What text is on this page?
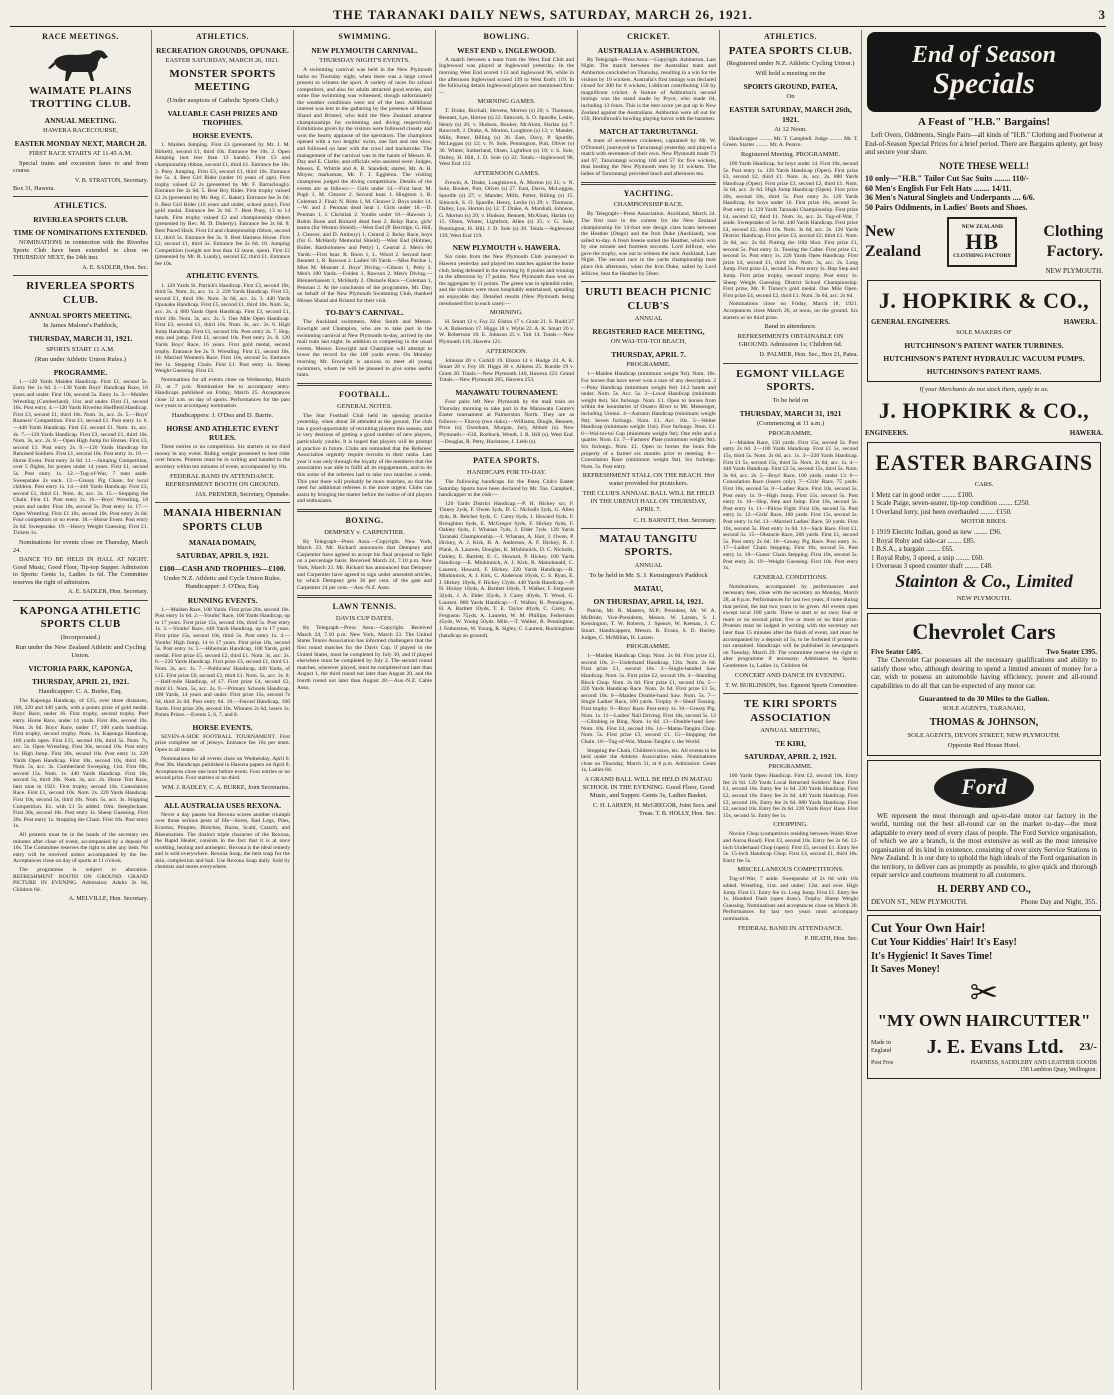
THE TARANAKI DAILY NEWS, SATURDAY, MARCH 26, 1921.	3
RACE MEETINGS.
WAIMATE PLAINS TROTTING CLUB.
ANNUAL MEETING.
HAWERA RACECOURSE,
EASTER MONDAY NEXT, MARCH 28.
FIRST RACE STARTS AT 11.45 A.M.
Special trains and excursion fares to and from course.
V. B. STRATTON, Secretary.
Box 31, Hawera.
ATHLETICS.
RIVERLEA SPORTS CLUB.
TIME OF NOMINATIONS EXTENDED.
NOMINATIONS in connection with the Riverlea Sports Club have been extended to close on THURSDAY NEXT, the 24th inst.
A. E. SADLER, Hon. Sec.
RIVERLEA SPORTS CLUB.
ANNUAL SPORTS MEETING.
In James Malone's Paddock,
THURSDAY, MARCH 31, 1921.
SPORTS START 11 A.M.
(Run under Athletic Union Rules.)
PROGRAMME.
1.—120 Yards Maiden Handicap. First £1, second 5s. Entry fee 1s 6d. 2.—130 Yards Boys' Handicap Race, 16 years and under. First 10s, second 5s. Entry 1s. 3.—Maiden Wrestling (Cumberland), 11st. and under. First £1, second 10s. Post entry. 4.—120 Yards Riverlea Sheffield Handicap. First £3, second £1, third 10s. Nom. 3s, acc. 2s. 5.—Boys' Runners' Competition. First £1, second £1. Post entry 1s. 6.—440 Yards Handicap. First £3, second £1. Nom. 4s, acc. 4s. 7.—120 Yards Handicap. First £3, second £1, third 10s. Nom. 3s, acc. 2s. 8.—Open High Jump for Horses. First £3, second £1. Post entry 2s. 9.—120 Yards Handicap for Returned Soldiers. First £1, second 10s. Post entry 1s. 10.—Horse Event. Post entry 2s 6d. 11.—Jumping Competition, over 5 flights, for ponies under 14 years. First £1, second 5s. Post entry 1s. 12.—Tug-of-War, 7 men aside. Sweepstake 2s each. 13.—Greasy Pig Chase, for local children. Post entry 1s. 14.—440 Yards Handicap. First £3, second £1, third £1. Nom. 4s, acc. 2s. 15.—Stopping the Chain. First £1. Post entry 1s. 16.—Boys' Wrestling, 18 years and under. First 10s, second 5s. Post entry 1s. 17.—Open Wrestling. First £1 10s, second 10s. Post entry 2s 6d. Four competitors or no event. 18.—Horse Event. Post entry 2s 6d. Sweepstake. 19.—Heavy Weight Guessing. First £1. Tickets 1s.
Nominations for events close on Thursday, March 24.
DANCE TO BE HELD IN HALL AT NIGHT. Good Music, Good Floor, Tip-top Supper. Admission to Sports: Gents 1s, Ladies 1s 6d. The Committee reserves the right of admission.
A. E. SADLER, Hon. Secretary.
KAPONGA ATHLETIC SPORTS CLUB
(Incorporated.)
Run under the New Zealand Athletic and Cycling Union.
VICTORIA PARK, KAPONGA,
THURSDAY, APRIL 21, 1921.
Handicapper: C. A. Burke, Esq.
The Kaponga Handicap, of £15, over three distances, 100, 220 and 440 yards, with a points prize of gold medal. Boys' Race, under 16. First trophy, second trophy. Post entry. Horse Race, under 14 yards. First 40s, second 10s. Nom. 2s 6d. Boys' Race, under 17, 100 yards handicap. First trophy, second trophy. Nom. 1s. Kaponga Handicap, 100 yards open. First £15, second 10s, third 5s. Nom. 7s, acc. 5s. Open Wrestling. First 30s, second 10s. Post entry 1s. High Jump. First 30s, second 10s. Post entry 1s. 220 Yards Open Handicap. First 10s, second 10s, third 10s. Nom. 5s, acc. 3s. Cumberland Sweeping, 11st. First 60s, second 15s. Nom. 1s. 440 Yards Handicap. First 10s, second 5s, third 20s. Nom. 3s, acc. 2s. Horse Trot Race, best nine in 1921. First trophy, second 10s. Consolation Race. First £1, second 10s. Nom. 2s. 220 Yards Handicap. First 10s, second 5s, third 10s. Nom. 5s, acc. 3s. Stopping Competition. Ex. with £1 5s added. 10m. Steeplechase. First 30s, second 10s. Post entry 1s. Sheep Guessing. First 20s. Post entry 1s. Stopping the Chain. First 10s. Post entry 1s.
All protests must be in the hands of the secretary ten minutes after close of event, accompanied by a deposit of 10s. The Committee reserves the right to alter any item. No entry will be received unless accompanied by the fee. Acceptances close on day of sports at 11 o'clock.
The programme is subject to alteration. REFRESHMENT BOOTH ON GROUND. GRAND PICTURE IN EVENING. Admission: Adults 2s 6d, Children 6d.
A. MELVILLE, Hon. Secretary.
ATHLETICS.
RECREATION GROUNDS, OPUNAKE.
EASTER SATURDAY, MARCH 26, 1921.
MONSTER SPORTS MEETING
(Under auspices of Catholic Sports Club.)
VALUABLE CASH PRIZES AND TROPHIES.
HORSE EVENTS.
1. Maiden Jumping. First £3 (presented by Mr. J. M. Birkett), second £1, third 10s. Entrance fee 10s. 2. Open Jumping (not less than 13 hands). First £3 and championship ribbon, second £1, third £1. Entrance fee 10s. 3. Pony Jumping. First £3, second £1, third 10s. Entrance fee 5s. 4. Best Girl Rider (under 16 years of age). First trophy valued £2 2s (presented by Mr. F. Barraclough). Entrance fee 2s 6d. 5. Best Boy Rider. First trophy valued £2 2s (presented by Mr. Reg. C. Baker). Entrance fee 2s 6d. 6. Best Girl Rider (16 years and under, school pony). First gold medal. Entrance fee 2s 6d. 7. Best Pony, 13 to 14 hands. First trophy valued £2 and championship ribbon (presented by Rev. M. D. Doherty). Entrance fee 2s 6d. 8. Best Paced Hack. First £4 and championship ribbon, second £1, third 5s. Entrance fee 3s. 9. Best Harness Horse. First £2, second £1, third 5s. Entrance fee 2s 6d. 10. Jumping Competition (weight not less than 12 stone, open). First £2 (presented by Mr. R. Lundy), second £2, third £1. Entrance fee 10s.
ATHLETIC EVENTS.
1. 120 Yards St. Patrick's Handicap. First £3, second 10s, third 5s. Nom. 2s, acc. 1s. 2. 220 Yards Handicap. First £3, second £1, third 10s. Nom. 3s 6d, acc. 2s. 3. 440 Yards Opunake Handicap. First £5, second £1, third 10s. Nom. 5s, acc. 2s. 4. 880 Yards Open Handicap. First £3, second £1, third 10s. Nom. 3s, acc. 2s. 5. One Mile Open Handicap. First £3, second £1, third 10s. Nom. 3s, acc. 2s. 6. High Jump Handicap. First £1, second 10s. Post entry 2s. 7. Hop, step and jump. First £1, second 10s. Post entry 2s. 8. 120 Yards Boys' Race, 16 years. First gold medal, second trophy. Entrance fee 2s. 9. Wrestling. First £1, second 10s. 10. Married Women's Race. First 10s, second 5s. Entrance fee 1s. Stepping Chain. First £1. Post entry 1s. Sheep Weight Guessing. First £1.
Nominations for all events close on Wednesday, March 23, at 7 p.m. Nomination fee to accompany entry. Handicaps published on Friday, March 25. Acceptances close 12 a.m. on day of sports. Performances for the past two years to accompany nomination.
Handicappers: J. O'Dea and D. Barrie.
HORSE AND ATHLETIC EVENT RULES.
Three entries or no competition. Six starters or no third money in any event. Riding weight presented to best rider over fences. Protests must be in writing and handed to the secretary within ten minutes of event, accompanied by 10s.
FEDERAL BAND IN ATTENDANCE. REFRESHMENT BOOTH ON GROUND.
JAS. PRENDER, Secretary, Opunake.
MANAIA HIBERNIAN SPORTS CLUB
MANAIA DOMAIN,
SATURDAY, APRIL 9, 1921.
£100—CASH AND TROPHIES—£100.
Under N.Z. Athletic and Cycle Union Rules. Handicapper: J. O'Dea, Esq.
RUNNING EVENTS.
1.—Maiden Race, 100 Yards. First prize 20s, second 10s. Post entry 1s 6d. 2.—Youths' Race, 100 Yards Handicap, up to 17 years. First prize 15s, second 10s, third 5s. Post entry 1s. 3.—Youths' Race, 440 Yards Handicap, up to 17 years. First prize 15s, second 10s, third 5s. Post entry 1s. 4.—Youths' High Jump, 14 to 17 years. First prize 10s, second 5s. Post entry 1s. 5.—Hibernian Handicap, 100 Yards, gold medal. First prize £5, second £2, third £1. Nom. 3s, acc. 2s. 6.—220 Yards Handicap. First prize £3, second £1, third £1. Nom. 3s, acc. 1s. 7.—Publicans' Handicap, 440 Yards, of £15. First prize £6, second £3, third £1. Nom. 5s, acc. 3s. 8.—Half-mile Handicap, of £7. First prize £4, second £2, third £1. Nom. 5s, acc. 2s. 9.—Primary Schools Handicap, 100 Yards, 14 years and under. First prize 15s, second 7s 6d, third 2s 6d. Post entry 6d. 10.—Forced Handicap, 100 Yards. First prize 20s, second 10s. Winners 2s 6d, losers 1s. Points Prizes.—Events 5, 6, 7, and 8.
HORSE EVENTS.
SEVEN-A-SIDE FOOTBALL TOURNAMENT. First prize complete set of jerseys. Entrance fee 16s per team. Open to all teams.
Nominations for all events close on Wednesday, April 6. Post 30s. Handicaps published in Hawera papers on April 8. Acceptances close one hour before event. Four entries or no second prize. Four starters or no third.
WM. J. RADLEY, C. A. BURKE, Joint Secretaries.
ALL AUSTRALIA USES REXONA.
Never a day passes but Rexona scores another triumph over those serious pests of life—Sores, Bad Legs, Piles, Eczema, Pimples, Blotches, Burns, Scald, Catarrh, and Rheumatism. The distinct triple character of the Rexona, the Rapid Healer, consists in the fact that it is at once soothing, healing and antiseptic. Rexona is the ideal remedy and is sold everywhere. Rexona Soap, the best soap for the skin, complexion and hair. Use Rexona Soap daily. Sold by chemists and stores everywhere.
SWIMMING.
NEW PLYMOUTH CARNIVAL.
THURSDAY NIGHT'S EVENTS.
A swimming carnival was held in the New Plymouth baths on Thursday night, when there was a large crowd present to witness the sport. A variety of races for school competitors, and also for adults attracted good entries, and some fine swimming was witnessed, though unfortunately the weather conditions were not of the best. Additional interest was lent to the gathering by the presence of Misses Shand and Bristed, who hold the New Zealand amateur championships for swimming and diving respectively. Exhibitions given by the visitors were followed closely and won the hearty applause of the spectators. The champions opened with a two lengths' swim, one fast and one slow, and followed on later with the crawl and backstroke. The management of the carnival was in the hands of Messrs. R. Day and E. Clarke, and officials who assisted were: Judges, Messrs. E. Whittle and A. R. Standish; starter, Mr. A. H. Moyes; marksman, Mr. F. J. Eggleton. The visiting champions judged the diving competitions. Details of the events are as follows:— Girls under 14.—First heat: M. Pugh 1, M. Cleaver 2. Second heat: I. Hingston 1, B. Coleman 2. Final: N. Rims 1, M. Cleaver 2. Boys under 14.—W. and J. Penman dead heat 1. Girls under 18.—D. Penman 1, J. Christian 2. Youths under 18.—Rawson 1, Robin Boon and Rickard dead heat 2. Relay Race, girls' teams (for Weston Shield).—West End (P. Berridge, G. Hill, J. Cleaver, and D. Ambury) 1, Central 2. Relay Race, boys (for G. McHardy Memorial Shield).—West End (Holmes, Boiler, Bartholomew and Petty) 1, Central 2. Men's 66 Yards.—First heat: R. Boon 1, L. Wood 2. Second heat: Bennett 1, R. Rawson 2. Ladies' 66 Yards.—Miss Purdue 1, Miss M. Moseatt 2. Boys' Diving.—Gibson 1, Petty 2. Men's 100 Yards.—Folden 1, Rawson 2. Men's Diving.—Blennerhassett 1, McHardy 2. Obstacle Race.—Coleman 1, Penman 2. At the conclusion of the programme, Mr. Day, on behalf of the New Plymouth Swimming Club, thanked Misses Shand and Bristed for their visit.
TO-DAY'S CARNIVAL.
The Auckland swimmers, Miss Smith and Messrs. Enwright and Champion, who are to take part in the swimming carnival at New Plymouth to-day, arrived by the mail train last night. In addition to competing in the usual events, Messrs. Enwright and Champion will attempt to lower the record for the 100 yards event. On Monday morning Mr. Enwright is anxious to meet all young swimmers, whom he will be pleased to give some useful hints.
FOOTBALL.
GENERAL NOTES.
The Star Football Club held its opening practice yesterday, when about 30 attended at the ground. The club has a good opportunity of recruiting players this season, and is very desirous of getting a good number of new players, particularly youths. It is hoped that players will be prompt at practice in future. Clubs are reminded that the Referees' Association urgently require recruits to their ranks. Last year it was only through the loyalty of the members that the association was able to fulfil all its engagements, and to do this some of the referees had to take two matches a week. This year there will probably be more matches, so that the need for additional referees is the more urgent. Clubs can assist by bringing the matter before the notice of old players and enthusiasts.
BOXING.
DEMPSEY v. CARPENTIER.
By Telegraph—Press Assn.—Copyright. New York, March 23. Mr. Rickard announces that Dempsey and Carpentier have agreed to accept his final proposal to fight on a percentage basis. Received March 24, 7.10 p.m. New York, March 23. Mr. Rickard has announced that Dempsey and Carpentier have agreed to sign under amended articles, by which Dempsey gets 36 per cent. of the gate and Carpentier 24 per cent.—Aus.-N.Z. Assn.
LAWN TENNIS.
DAVIS CUP DATES.
By Telegraph—Press Assn.—Copyright. Received March 24, 7.10 p.m. New York, March 23. The United States Tennis Association has informed challengers that the first round matches for the Davis Cup, if played in the United States, must be completed by July 30, and if played elsewhere must be completed by July 2. The second round matches, wherever played, must be completed not later than August 1, the third round not later than August 20, and the fourth round not later than August 20.—Aus.-N.Z. Cable Assn.
BOWLING.
WEST END v. INGLEWOOD.
A match between a team from the West End Club and Inglewood was played at Inglewood yesterday. In the morning West End scored 113 and Inglewood 96, while in the afternoon Inglewood scored 139 to West End's 119. In the following details Inglewood players are mentioned first:—
MORNING GAMES.
T. Drake, Birchall, Stevens, Morton (s) 20; v. Thomson, Bennett, Lye, Horton (s) 22. Simcock, S. O. Spurdle, Leslie, Henry (s) 26; v. Hudson, Booker, McAlum, Harlan (s) 7. Rawcroft, J. Drake, A. Morton, Loughton (s) 12; v. Mander, Mills, Potter, Billing (s) 36. East, Davy, P. Spurdle, McLeggan (s) 12; v. N. Sole, Pennington, Putt, Oliver (s) 30. Winter, Sutherland, Olsen, Lightfoot (s) 10; v. S. Sole, Dalley, H. Hill, J. D. Sole (s) 22. Totals.—Inglewood 90, West End 113.
AFTERNOON GAMES.
Frewin, A. Drake, Loughstown, A. Morton (s) 21; v. N. Sole, Booker, Putt, Oliver (s) 27. East, Davis, McLeggan, Spurdle (s) 27; v. Mander, Mills, Potter, Billing (s) 15. Simcock, S. O. Spurdle, Henry, Leslie (s) 29; v. Thomson, Dalley, Lye, Horton (s) 12. T. Drake, A. Marshall, Johnson, G. Morton (s) 29; v. Hudson, Bennett, McAlum, Harlan (s) 15. Olsen, Winter, Lightfoot, Allen (s) 25; v. G. Sole, Pennington, H. Hill, J. D. Sole (s) 30. Totals.—Inglewood 139, West End 119.
NEW PLYMOUTH v. HAWERA.
Six rinks from the New Plymouth Club journeyed to Hawera yesterday and played ten matches against the home club, being defeated in the morning by 8 points and winning in the afternoon by 17 points. New Plymouth thus won on the aggregate by 11 points. The green was in splendid order, and the visitors were most hospitably entertained, spending an enjoyable day. Detailed results (New Plymouth being mentioned first in each case):—
MORNING.
H. Smart 12 v. Foy 22. Elston 17 v. Grant 21. S. Rudd 27 v. A. Robertson 17. Higgs 18 v. Wylie 22. A. K. Smart 26 v. W. Robertson 18. E. Johnson 25 v. Tait 14. Totals.—New Plymouth 116, Hawera 121.
AFTERNOON.
Johnson 20 v. Corkill 19. Elston 14 v. Hodge 24. A. K. Smart 28 v. Foy 18. Higgs 30 v. Aitkens 25. Rundle 19 v. Grant 20. Totals.—New Plymouth 140, Hawera 123. Grand Totals.—New Plymouth 265, Hawera 253.
MANAWATU TOURNAMENT.
Four pairs left New Plymouth by the mail train on Thursday morning to take part in the Manawatu Centre's Easter tournament at Palmerston North. They are as follows:— Fitzroy (two rinks).—Williams, Dingle, Bennett, Price (s); Oxenham, Morgan, Jury, Abbott (s). New Plymouth.—Gill, Roebuck, Wendt, J. R. Hill (s). West End.—Douglas, R. Petty, Hurlstone, J. Lebb (s).
PATEA SPORTS.
HANDICAPS FOR TO-DAY.
The following handicaps for the Patea Club's Easter Saturday Sports have been declared by Mr. Tau. Campbell, handicapper to the club:—
120 Yards District Handicap.—P. H. Hickey scr, F. Tinney 2yds, F. Owen 3yds, D. C. Nicholls 3yds, G. Allen 4yds, R. Belcher 6yds, C. Carey 6yds, J. Howard 6yds, F. Broughton 6yds, E. McGregor 6yds, F. Hickey 6yds, F. Oakley 6yds, J. Whanan 7yds, J. Elder 7yds. 120 Yards Taranaki Championship.—J. Whanan, A. Hair, J. Owen, P. Hickey, A. J. Kirk, B. A. Anderson, A. F. Hickey, R. J. Plank, A. Laurent, Douglas, K. Minhinnick, D. C. Nicholls, Oakley, E. Bartlett, E. C. Howard, P. Hickey. 100 Yards Handicap.—E. Minhinnick, A. J. Kirk, R. Maindonald, C. Laurent, Howard, F. Hickey. 220 Yards Handicap.—R. Minhinnick, A. J. Kirk, C. Anderson 16yds, C. S. Ryan, E. J. Hickey 10yds, F. Hickey 13yds. 440 Yards Handicap.—P. H. Hickey 10yds, A. Bartlett 10yds, T. Walker, F. Ferguson 32yds, J. A. Elder 35yds, J. Carey 40yds, T. Wood, G. Laurent. 880 Yards Handicap.—T. Walker, R. Pennington, H. A. Bartlett 10yds, T. E. Taylor 40yds, C. Carey, A. Ferguson 75yds, A. Laurent, W. M. Phillips, Fetherston 45yds, W. Young 50yds. Mile.—T. Walker, R. Pennington, J. Fetherston, W. Young, R. Sigley, C. Laurent, Buckingham (handicap on ground).
CRICKET.
AUSTRALIA v. ASHBURTON.
By Telegraph—Press Assn.—Copyright. Ashburton, Last Night. The match between the Australian team and Ashburton concluded on Thursday, resulting in a win for the visitors by 10 wickets. Australia's first innings was declared closed for 300 for 8 wickets, Liddicutt contributing 150 by magnificent cricket. A feature of Ashburton's second innings was the stand made by Pryor, who made 64, including 13 fours. This is the best score yet put up in New Zealand against the Australians. Ashburton were all out for 150, Hornibrook's bowling playing havoc with the batsmen.
MATCH AT TARURUTANGI.
A team of seventeen cricketers, captained by Mr. W. O'Donnell, journeyed to Tarurutangi yesterday and played a match with seventeen of their own. New Plymouth made 73 and 67, Tarurutangi scoring 100 and 57 for five wickets, thus beating the New Plymouth men by 11 wickets. The ladies of Tarurutangi provided lunch and afternoon tea.
YACHTING.
CHAMPIONSHIP RACE.
By Telegraph—Press Association. Auckland, March 24. The first race in the contest for the New Zealand championship for 14-foot one design class boats between the Heather (Otago) and the Iron Duke (Auckland), was sailed to-day. A fresh breeze suited the Heather, which won by one minute and fourteen seconds. Lord Jellicoe, who gave the trophy, was out to witness the race. Auckland, Last Night. The second race in the yacht championship took place this afternoon, when the Iron Duke, sailed by Lord Jellicoe, beat the Heather by 50sec.
URUTI BEACH PICNIC CLUB'S
ANNUAL
REGISTERED RACE MEETING,
ON WAI-TOI-TOI BEACH,
THURSDAY, APRIL 7.
PROGRAMME.
1—Maiden Handicap (minimum weight 9st). Nom. 10s. For horses that have never won a race of any description. 2—Pony Handicap (minimum weight 8st) 14.2 hands and under. Nom. 5s. Acc. 5s. 3—Local Handicap (minimum weight 8st). Six furlongs. Nom. £1. Open to horses from within the boundaries of Onaero River to Mt. Messenger, including Urenui. 4—Autumn Handicap (minimum weight 9st). Seven furlongs. Nom. £1. Acc. 10s. 5—Welter Handicap (minimum weight 11st). Five furlongs. Nom. £1. 6—Wai-toi-toi Cup (minimum weight 9st). One mile and a quarter. Nom. £1. 7—Farmers' Plate (minimum weight 9st). Six furlongs. Nom. £1. Open to horses the bona fide property of a farmer six months prior to meeting. 8—Consolation Race (minimum weight 9st). Six furlongs. Nom. 5s. Post entry.
REFRESHMENT STALL ON THE BEACH. Hot water provided for picnickers.
THE CLUB'S ANNUAL BALL WILL BE HELD IN THE URENUI HALL ON THURSDAY, APRIL 7.
C. H. BARNITT, Hon. Secretary.
MATAU TANGITU SPORTS.
ANNUAL
To be held in Mr. S. J. Kensington's Paddock
MATAU,
ON THURSDAY, APRIL 14, 1921.
Patron, Mr. R. Masters, M.P.; President, Mr. W. A. McBride; Vice-Presidents, Messrs. W. Larsen, S. J. Kensington, T. W. Roberts, J. Spence, W. Keenan, J. C. Smart. Handicappers, Messrs. R. Evans, S. D. Hurley. Judges, C. McMillan, H. Larsen.
PROGRAMME.
1—Maiden Handicap Chop. Nom. 2s 6d. First prize £1, second 10s. 2—Underhand Handicap, 12in. Nom. 2s 6d. First prize £1, second 10s. 3—Single-handed Saw Handicap. Nom. 5s. First prize £2, second 10s. 4—Standing Block Chop. Nom. 2s 6d. First prize £1, second 10s. 5—220 Yards Handicap Race. Nom. 2s 6d. First prize £1 5s, second 10s. 6—Maiden Double-hand Saw. Nom. 5s. 7—Single Ladies' Race, 100 yards. Trophy. 8—Sheaf Tossing. First trophy. 9—Boys' Race. Post entry 1s. 10—Greasy Pig. Nom. 1s. 11—Ladies' Nail Driving. First 10s, second 5s. 12—Climbing in Ring. Nom. 1s 6d. 13—Double-hand Saw. Nom. 10s. First £4, second 10s. 14—Matau-Tangitu Chop. Nom. 5s. First prize £3, second £1. 15—Stopping the Chain. 16—Tug-of-War, Matau-Tangitu v. the World.
Stopping the Chain, Children's races, etc. All events to be held under the Athletic Association rules. Nominations close on Thursday, March 31, at 8 p.m. Admission: Gents 1s, Ladies 6d.
A GRAND BALL WILL BE HELD IN MATAU SCHOOL IN THE EVENING. Good Floor, Good Music, and Supper. Gents 3s, Ladies Basket.
C. H. LARSEN, H. McGREGOR, Joint Secs. and Treas. T. B. HOLLY, Hon. Sec.
ATHLETICS.
PATEA SPORTS CLUB.
(Registered under N.Z. Athletic Cycling Union.)
Will hold a meeting on the
SPORTS GROUND, PATEA,
On
EASTER SATURDAY, MARCH 26th, 1921.
At 12 Noon.
Handicapper ......... Mr. T. Campbell. Judge ......... Mr. T. Green. Starter ......... Mr. A. Pearce.
Registered Meeting. PROGRAMME.
100 Yards Handicap, for boys under 14. First 10s, second 5s. Post entry 1s. 120 Yards Handicap (Open). First prize £3, second £2, third £1. Nom. 3s, acc. 2s. 880 Yards Handicap (Open). First prize £3, second £2, third £1. Nom. 3s 6d, acc. 2s 6d. High Jump Handicap (Open). First prize 20s, second 10s, third 5s. Post entry 2s. 120 Yards Handicap, for boys under 16. First prize 10s, second 5s. Post entry 1s. 120 Yards Taranaki Championship. First prize £4, second £2, third £1. Nom. 3s, acc. 2s. Tug-of-War, 7 aside. Sweepstake of 5s 6d. 440 Yards Handicap. First prize £4, second £2, third 10s. Nom. 3s 6d, acc. 2s. 120 Yards District Handicap. First prize £3, second £2, third £1. Nom. 2s 6d, acc. 2s 6d. Putting the 16lb Shot. First prize £1, second 5s. Post entry 1s. Tossing the Caber. First prize £1, second 5s. Post entry 1s. 220 Yards Open Handicap. First prize £4, second £1, third 10s. Nom. 3s, acc. 2s. Long Jump. First prize £1, second 5s. Post entry 1s. Hop Step and Jump. First prize trophy, second trophy. Post entry 1s. Sheep Weight Guessing. District School Championship. First prize, Mr. P. Tinney's gold medal. One Mile Open. First prize £4, second £2, third £1. Nom. 3s 6d, acc. 2s 6d.
Nominations close on Friday, March 18, 1921. Acceptances close March 26, at noon, on the ground. Six starters or no third prize.
Band in attendance.
REFRESHMENTS OBTAINABLE ON GROUND. Admission 1s; Children 6d.
D. PALMER, Hon. Sec., Box 21, Patea.
EGMONT VILLAGE SPORTS.
To be held on
THURSDAY, MARCH 31, 1921
(Commencing at 11 a.m.)
PROGRAMME.
1—Maiden Race, 150 yards. First 15s, second 5s. Post entry 2s 6d. 2—100 Yards Handicap. First £1 5s, second 15s, third 5s. Nom. 2s 6d, acc. 1s. 3—220 Yards Handicap. First £1 5s, second 15s, third 5s. Nom. 2s 6d, acc. 1s. 4—440 Yards Handicap. First £2 5s, second 15s, third 5s. Nom. 3s 6d, acc. 2s. 5—Boys' Race, 100 yards, under 13. 6—Consolation Race (losers only). 7—Girls' Race, 75 yards. First 10s, second 5s. 8—Ladies' Race. First 10s, second 5s. Post entry 1s. 9—High Jump. First 15s, second 5s. Post entry 1s. 10—Hop, Step and Jump. First 10s, second 5s. Post entry 1s. 11—Pillow Fight. First 10s, second 5s. Post entry 1s. 12—Girls' Race, 100 yards. First 15s, second 5s. Post entry 1s 6d. 13—Married Ladies' Race, 50 yards. First 10s, second 5s. Post entry 1s 6d. 14—Sack Race. First £1, second 5s. 15—Obstacle Race, 200 yards. First £1, second 5s. Post entry 2s 6d. 16—Greasy Pig Race. Post entry 1s. 17—Ladies' Chain Stepping. First 10s, second 5s. Post entry 1s. 18—Guess' Chain Stepping. First 10s, second 5s. Post entry 2s. 19—Weight Guessing. First 10s. Post entry 1s.
GENERAL CONDITIONS.
Nominations, accompanied by performances and necessary fees, close with the secretary on Monday, March 28, at 8 p.m. Performances for last two years, if none during that period, the last two years to be given. All events open except local 100 yards. Three to start or no race; four or more or no second prize; five or more or no third prize. Protests must be lodged in writing with the secretary not later than 15 minutes after the finish of event, and must be accompanied by a deposit of 5s, to be forfeited if protest is not sustained. Handicaps will be published in newspapers on Tuesday, March 29. The committee reserve the right to alter programme if necessary. Admission to Sports: Gentlemen 1s, Ladies 1s, Children 6d.
CONCERT AND DANCE IN EVENING.
T. W. BURLINSON, Sec. Egmont Sports Committee.
TE KIRI SPORTS ASSOCIATION
ANNUAL MEETING,
TE KIRI,
SATURDAY, APRIL 2, 1921.
PROGRAMME.
100 Yards Open Handicap. First £2, second 10s. Entry fee 2s 6d. 120 Yards Local Returned Soldiers' Race. First £1, second 10s. Entry fee 1s 6d. 220 Yards Handicap. First £2, second 10s. Entry fee 2s 6d. 440 Yards Handicap. First £2, second 10s. Entry fee 2s 6d. 880 Yards Handicap. First £2, second 10s. Entry fee 2s 6d. 220 Yards Boys' Race. First 15s, second 5s. Entry fee 1s.
CHOPPING.
Novice Chop (competitors residing between Walsh River and Auroa Road). First £3, second 10s. Entry fee 2s 6d. 12-inch Underhand Chop (open). First £5, second £1. Entry fee 5s. 15-inch Handicap Chop. First £4, second £1, third 10s. Entry fee 5s.
MISCELLANEOUS COMPETITIONS.
Tug-of-War, 7 aside. Sweepstake of 2s 6d with 10s added. Wrestling, 11st. and under; 12st. and over. High Jump. First £1. Entry fee 1s. Long Jump. First £1. Entry fee 1s. Hundred Dash (open draw). Trophy. Sheep Weight Guessing. Nominations and acceptances close on March 30. Performances for last two years must accompany nomination.
FEDERAL BAND IN ATTENDANCE.
P. HEATH, Hon. Sec.
End of Season
Specials
A Feast of "H.B." Bargains!
Left Overs, Oddments, Single Pairs—all kinds of "H.B." Clothing and Footwear at End-of-Season Special Prices for a brief period. There are Bargains aplenty, get busy and secure your share.
NOTE THESE WELL!
10 only—"H.B." Tailor Cut Sac Suits ........ 110/-
60 Men's English Fur Felt Hats ........ 14/11.
36 Men's Natural Singlets and Underpants .... 6/6.
50 Pairs Oddments, in Ladies' Boots and Shoes.
New
Zealand
NEW ZEALAND
HB
CLOTHING FACTORY
Clothing
Factory.
NEW PLYMOUTH.
J. HOPKIRK & CO.,
GENERAL ENGINEERS.	HAWERA.
SOLE MAKERS OF
HUTCHINSON'S PATENT WATER TURBINES.
HUTCHINSON'S PATENT HYDRAULIC VACUUM PUMPS.
HUTCHINSON'S PATENT RAMS.
If your Merchants do not stock them, apply to us.
J. HOPKIRK & CO.,
ENGINEERS.	HAWERA.
EASTER BARGAINS
CARS.
1 Metz car in good order ........ £100.
1 Scale Paige, seven-seater, tip-top condition ........ £250.
1 Overland lorry, just been overhauled ........ £150.
MOTOR BIKES.
1 1919 Electric Indian, good as new ........ £96.
1 Royal Ruby and side-car ........ £85.
1 B.S.A., a bargain ........ £65.
1 Royal Ruby, 3 speed, a snip ........ £60.
1 Overseas 3 speed counter shaft ........ £48.
Stainton & Co., Limited
NEW PLYMOUTH.
Chevrolet Cars
Five Seater £405.	Two Seater £395.
The Chevrolet Car possesses all the necessary qualifications and ability to satisfy those who, although desiring to spend a limited amount of money for a car, wish to possess an automobile having efficiency, power and all-round capabilities to do all that can be expected of any motor car.
Guaranteed to do 30 Miles to the Gallon.
SOLE AGENTS, TARANAKI,
THOMAS & JOHNSON,
SOLE AGENTS, DEVON STREET, NEW PLYMOUTH.
Opposite Red House Hotel.
Ford
WE represent the most thorough and up-to-date motor car factory in the world, turning out the best all-round car on the market to-day—the most adaptable to every need of every class of people. The Ford Service organisation, of which we are a branch, is the most extensive as well as the most intensive organisation of its kind in existence, consisting of over sixty Service Stations in New Zealand. It is our duty to uphold the high ideals of the Ford organisation in the territory, to deliver cars as promptly as possible, to give quick and thorough repair service and courteous treatment to all customers.
H. DERBY AND CO.,
DEVON ST., NEW PLYMOUTH.	Phone Day and Night, 355.
Cut Your Own Hair!
Cut Your Kiddies' Hair! It's Easy!
It's Hygienic! It Saves Time!
It Saves Money!
✂
"MY OWN HAIRCUTTER"
Made in England	J. E. Evans Ltd. 23/-
Post Free	HARNESS, SADDLERY AND LEATHER GOODS
158 Lambton Quay, Wellington.
